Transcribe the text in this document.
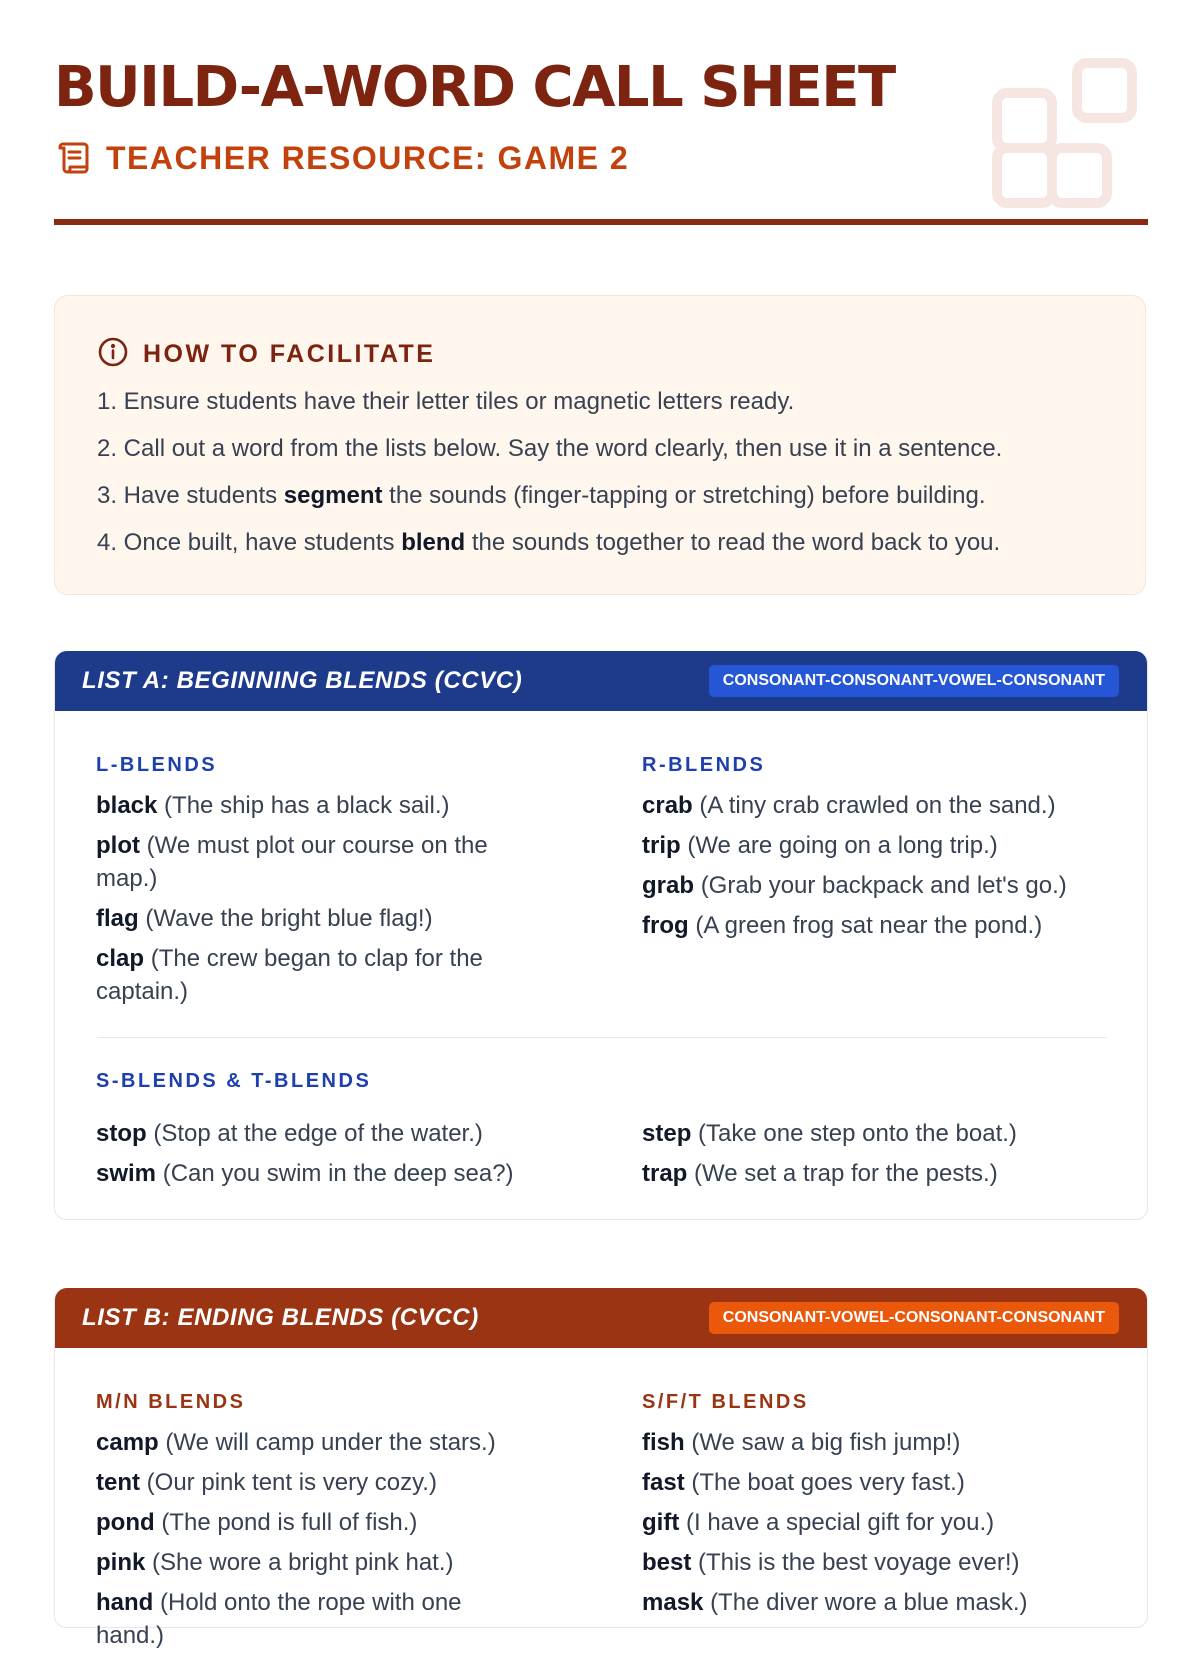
BUILD-A-WORD CALL SHEET
TEACHER RESOURCE: GAME 2
HOW TO FACILITATE
1. Ensure students have their letter tiles or magnetic letters ready.
2. Call out a word from the lists below. Say the word clearly, then use it in a sentence.
3. Have students segment the sounds (finger-tapping or stretching) before building.
4. Once built, have students blend the sounds together to read the word back to you.
LIST A: BEGINNING BLENDS (CCVC)	CONSONANT-CONSONANT-VOWEL-CONSONANT
L-BLENDS
black (The ship has a black sail.)
plot (We must plot our course on the map.)
flag (Wave the bright blue flag!)
clap (The crew began to clap for the captain.)
R-BLENDS
crab (A tiny crab crawled on the sand.)
trip (We are going on a long trip.)
grab (Grab your backpack and let's go.)
frog (A green frog sat near the pond.)
S-BLENDS & T-BLENDS
stop (Stop at the edge of the water.)
swim (Can you swim in the deep sea?)
step (Take one step onto the boat.)
trap (We set a trap for the pests.)
LIST B: ENDING BLENDS (CVCC)	CONSONANT-VOWEL-CONSONANT-CONSONANT
M/N BLENDS
camp (We will camp under the stars.)
tent (Our pink tent is very cozy.)
pond (The pond is full of fish.)
pink (She wore a bright pink hat.)
hand (Hold onto the rope with one hand.)
S/F/T BLENDS
fish (We saw a big fish jump!)
fast (The boat goes very fast.)
gift (I have a special gift for you.)
best (This is the best voyage ever!)
mask (The diver wore a blue mask.)
